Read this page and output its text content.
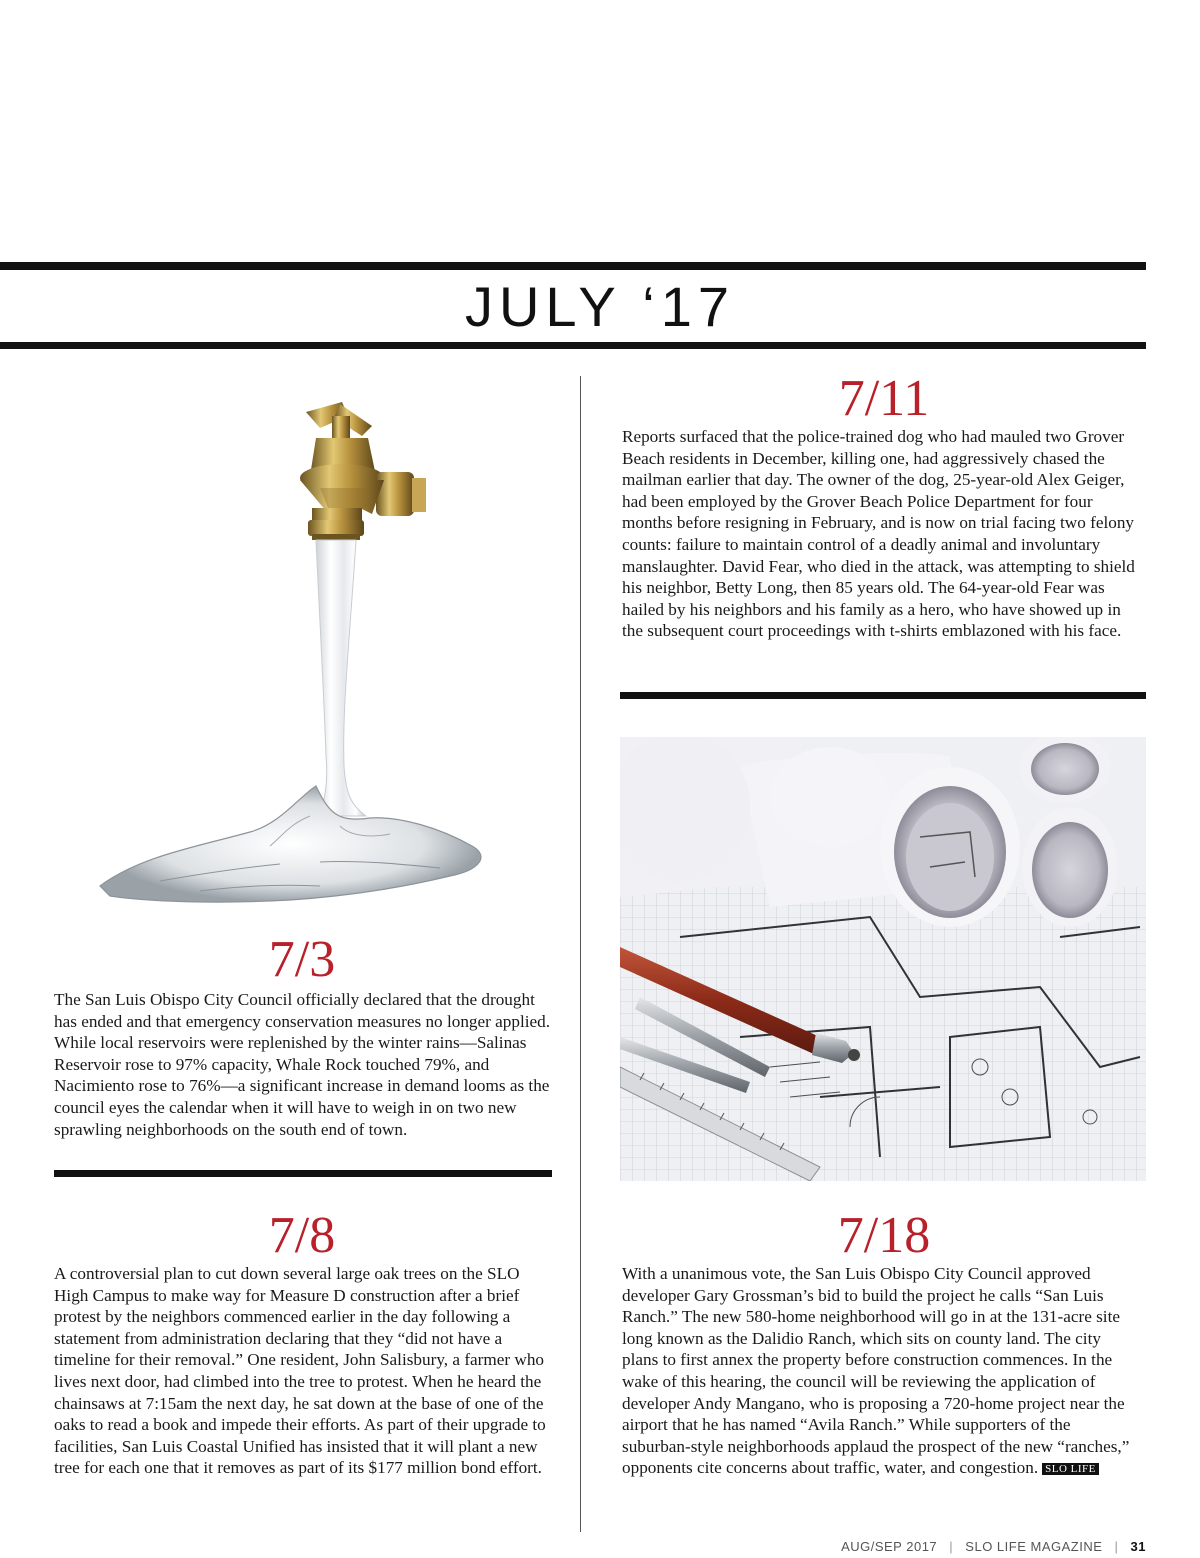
JULY ‘17
7/11

Reports surfaced that the police-trained dog who had mauled two Grover Beach residents in December, killing one, had aggressively chased the mailman earlier that day. The owner of the dog, 25-year-old Alex Geiger, had been employed by the Grover Beach Police Department for four months before resigning in February, and is now on trial facing two felony counts: failure to maintain control of a deadly animal and involuntary manslaughter. David Fear, who died in the attack, was attempting to shield his neighbor, Betty Long, then 85 years old. The 64-year-old Fear was hailed by his neighbors and his family as a hero, who have showed up in the subsequent court proceedings with t-shirts emblazoned with his face.

7/3

The San Luis Obispo City Council officially declared that the drought has ended and that emergency conservation measures no longer applied. While local reservoirs were replenished by the winter rains—Salinas Reservoir rose to 97% capacity, Whale Rock touched 79%, and Nacimiento rose to 76%—a significant increase in demand looms as the council eyes the calendar when it will have to weigh in on two new sprawling neighborhoods on the south end of town.

7/8

A controversial plan to cut down several large oak trees on the SLO High Campus to make way for Measure D construction after a brief protest by the neighbors commenced earlier in the day following a statement from administration declaring that they “did not have a timeline for their removal.” One resident, John Salisbury, a farmer who lives next door, had climbed into the tree to protest. When he heard the chainsaws at 7:15am the next day, he sat down at the base of one of the oaks to read a book and impede their efforts. As part of their upgrade to facilities, San Luis Coastal Unified has insisted that it will plant a new tree for each one that it removes as part of its $177 million bond effort.

7/18

With a unanimous vote, the San Luis Obispo City Council approved developer Gary Grossman’s bid to build the project he calls “San Luis Ranch.” The new 580-home neighborhood will go in at the 131-acre site long known as the Dalidio Ranch, which sits on county land. The city plans to first annex the property before construction commences. In the wake of this hearing, the council will be reviewing the application of developer Andy Mangano, who is proposing a 720-home project near the airport that he has named “Avila Ranch.” While supporters of the suburban-style neighborhoods applaud the prospect of the new “ranches,” opponents cite concerns about traffic, water, and congestion. SLO LIFE

AUG/SEP 2017 | SLO LIFE MAGAZINE | 31
